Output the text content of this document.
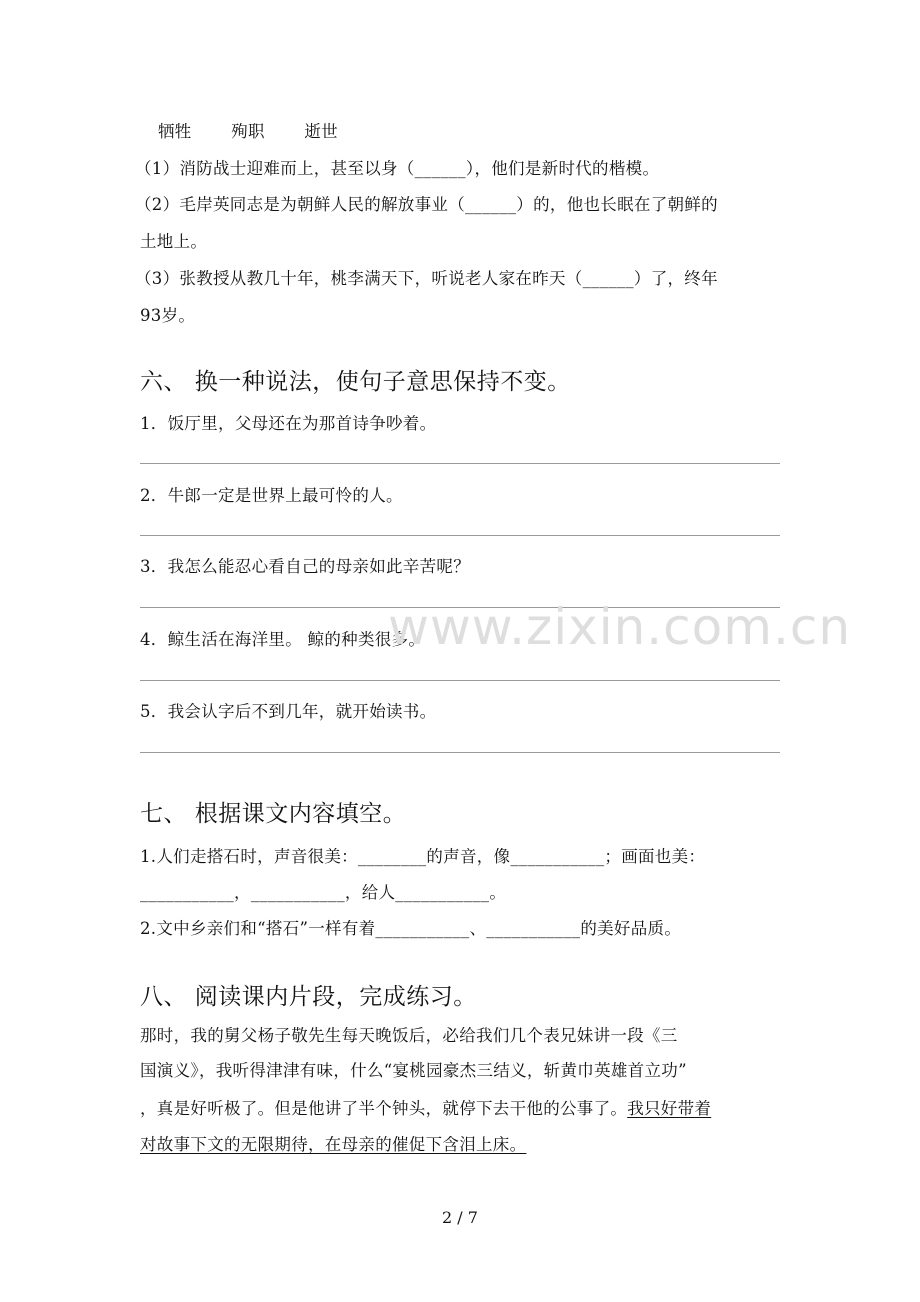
牺牲 殉职 逝世
（1）消防战士迎难而上，甚至以身（______），他们是新时代的楷模。
（2）毛岸英同志是为朝鲜人民的解放事业（______）的，他也长眠在了朝鲜的
土地上。
（3）张教授从教几十年，桃李满天下，听说老人家在昨天（______）了，终年
93岁。
六、 换一种说法，使句子意思保持不变。
1．饭厅里，父母还在为那首诗争吵着。
2．牛郎一定是世界上最可怜的人。
3．我怎么能忍心看自己的母亲如此辛苦呢？
4．鲸生活在海洋里。 鲸的种类很多。
5．我会认字后不到几年，就开始读书。
七、 根据课文内容填空。
1.人们走搭石时，声音很美：________的声音，像___________；画面也美：
___________，___________，给人___________。
2.文中乡亲们和“搭石”一样有着___________、___________的美好品质。
八、 阅读课内片段，完成练习。
那时，我的舅父杨子敬先生每天晚饭后，必给我们几个表兄妹讲一段《三
国演义》，我听得津津有味，什么“宴桃园豪杰三结义，斩黄巾英雄首立功”
，真是好听极了。但是他讲了半个钟头，就停下去干他的公事了。我只好带着
对故事下文的无限期待，在母亲的催促下含泪上床。
www.zixin.com.cn
2 / 7
